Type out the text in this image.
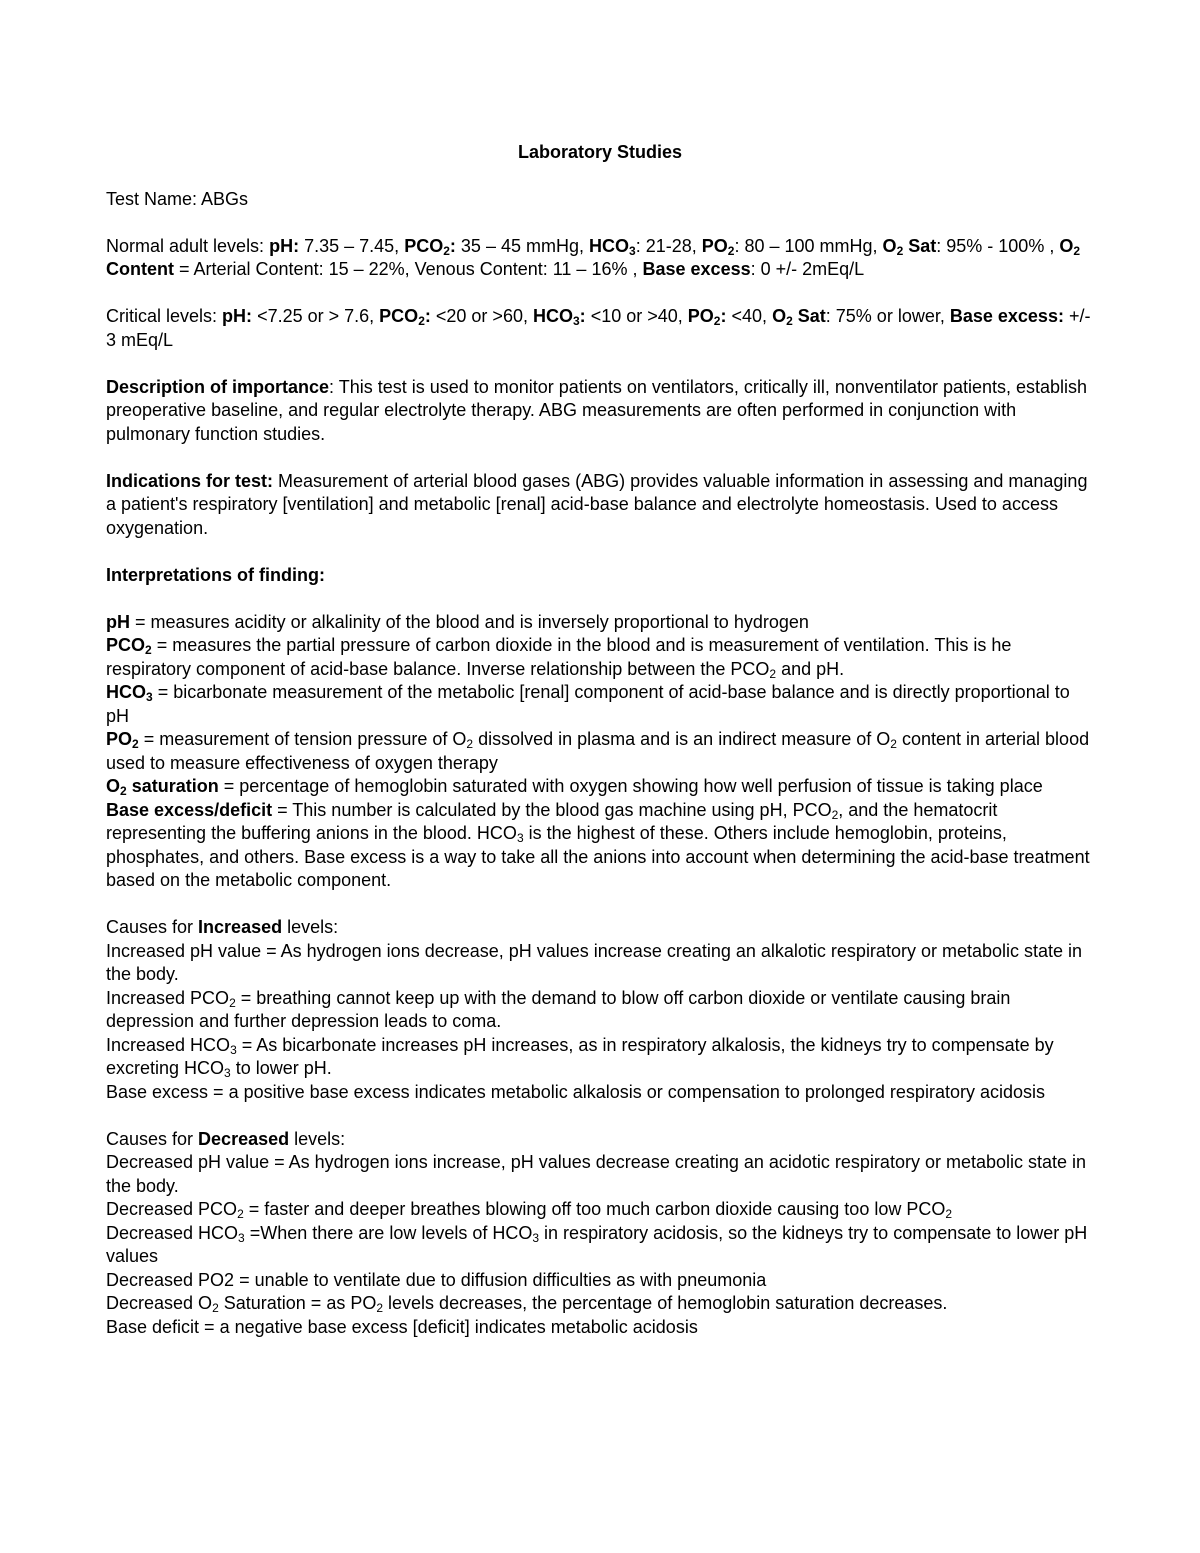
Laboratory Studies

Test Name: ABGs

Normal adult levels: pH: 7.35 – 7.45, $PCO_2$: 35 – 45 mmHg, $HCO_3$: 21-28, $PO_2$: 80 – 100 mmHg, $O_2$ Sat: 95% - 100% , $O_2$ Content = Arterial Content: 15 – 22%, Venous Content: 11 – 16% , Base excess: 0 +/- 2mEq/L

Critical levels: pH: <7.25 or > 7.6, $PCO_2$: <20 or >60, $HCO_3$: <10 or >40, $PO_2$: <40, $O_2$ Sat: 75% or lower, Base excess: +/- 3 mEq/L

Description of importance: This test is used to monitor patients on ventilators, critically ill, nonventilator patients, establish preoperative baseline, and regular electrolyte therapy. ABG measurements are often performed in conjunction with pulmonary function studies.

Indications for test: Measurement of arterial blood gases (ABG) provides valuable information in assessing and managing a patient's respiratory [ventilation] and metabolic [renal] acid-base balance and electrolyte homeostasis. Used to access oxygenation.

Interpretations of finding:

pH = measures acidity or alkalinity of the blood and is inversely proportional to hydrogen

$PCO_2$ = measures the partial pressure of carbon dioxide in the blood and is measurement of ventilation. This is he respiratory component of acid-base balance. Inverse relationship between the $PCO_2$ and pH.

$HCO_3$ = bicarbonate measurement of the metabolic [renal] component of acid-base balance and is directly proportional to pH

$PO_2$ = measurement of tension pressure of $O_2$ dissolved in plasma and is an indirect measure of $O_2$ content in arterial blood used to measure effectiveness of oxygen therapy

$O_2$ saturation = percentage of hemoglobin saturated with oxygen showing how well perfusion of tissue is taking place

Base excess/deficit = This number is calculated by the blood gas machine using pH, $PCO_2$, and the hematocrit representing the buffering anions in the blood. $HCO_3$ is the highest of these. Others include hemoglobin, proteins, phosphates, and others. Base excess is a way to take all the anions into account when determining the acid-base treatment based on the metabolic component.

Causes for Increased levels:

Increased pH value = As hydrogen ions decrease, pH values increase creating an alkalotic respiratory or metabolic state in the body.

Increased $PCO_2$ = breathing cannot keep up with the demand to blow off carbon dioxide or ventilate causing brain depression and further depression leads to coma.

Increased $HCO_3 = As$ bicarbonate increases pH increases, as in respiratory alkalosis, the kidneys try to compensate by excreting $HCO_3$ to lower pH.

Base excess = a positive base excess indicates metabolic alkalosis or compensation to prolonged respiratory acidosis

Causes for Decreased levels:

Decreased pH value = As hydrogen ions increase, pH values decrease creating an acidotic respiratory or metabolic state in the body.

Decreased $PCO_2$ = faster and deeper breathes blowing off too much carbon dioxide causing too low $PCO_2$

Decreased $HCO_3$ =When there are low levels of $HCO_3$ in respiratory acidosis, so the kidneys try to compensate to lower pH values

Decreased PO2 = unable to ventilate due to diffusion difficulties as with pneumonia

Decreased $O_2$ Saturation = as $PO_2$ levels decreases, the percentage of hemoglobin saturation decreases.

Base deficit = a negative base excess [deficit] indicates metabolic acidosis
